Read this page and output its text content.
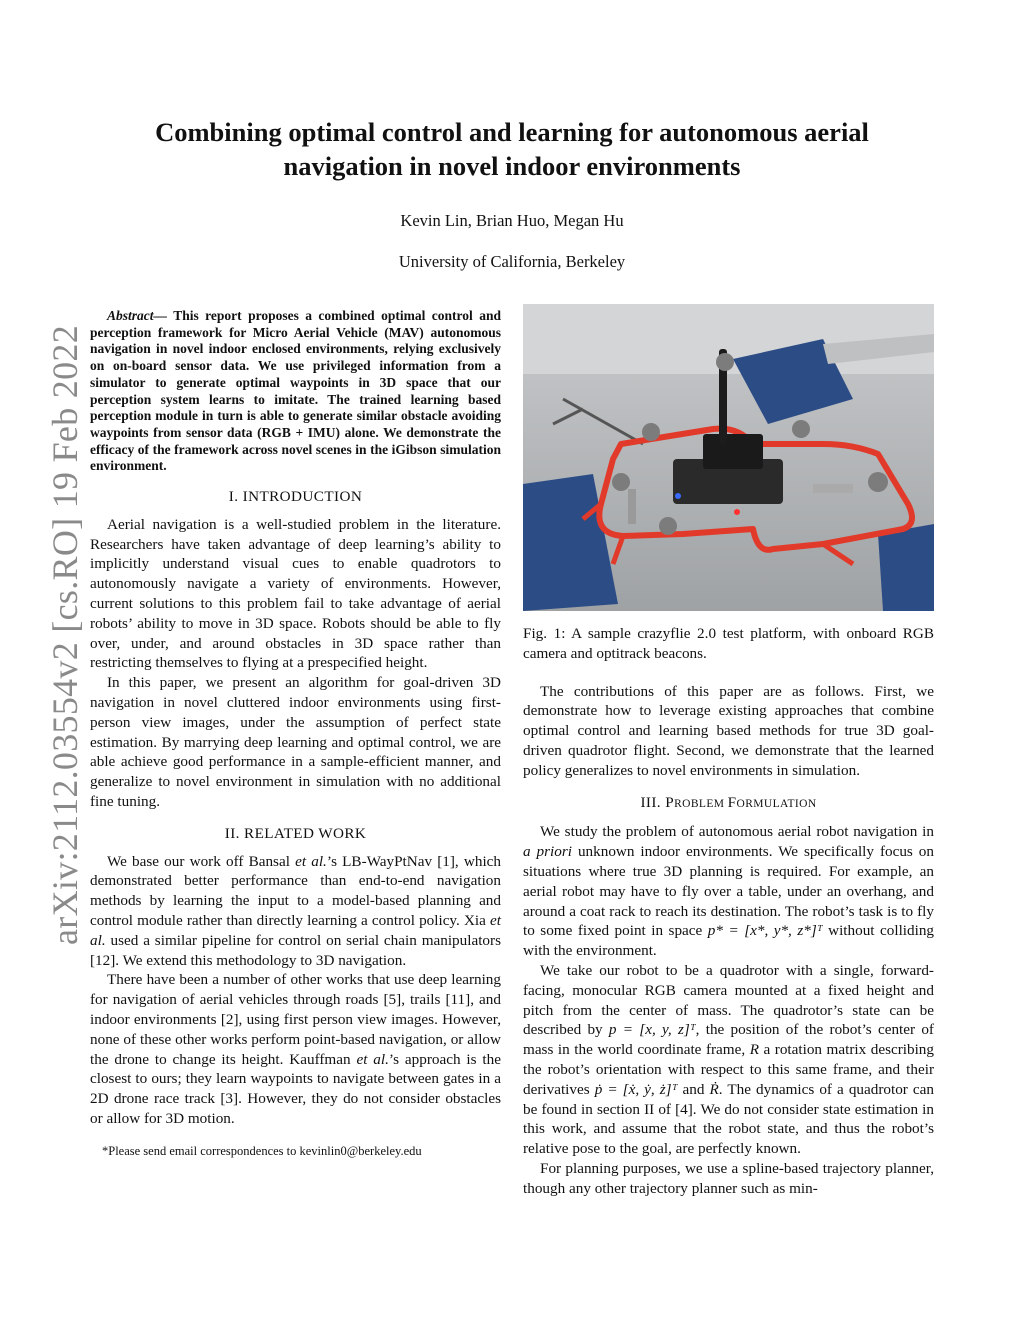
arXiv:2112.03554v2 [cs.RO] 19 Feb 2022
Combining optimal control and learning for autonomous aerial navigation in novel indoor environments
Kevin Lin, Brian Huo, Megan Hu
University of California, Berkeley
Abstract— This report proposes a combined optimal control and perception framework for Micro Aerial Vehicle (MAV) autonomous navigation in novel indoor enclosed environments, relying exclusively on on-board sensor data. We use privileged information from a simulator to generate optimal waypoints in 3D space that our perception system learns to imitate. The trained learning based perception module in turn is able to generate similar obstacle avoiding waypoints from sensor data (RGB + IMU) alone. We demonstrate the efficacy of the framework across novel scenes in the iGibson simulation environment.
I. INTRODUCTION

Aerial navigation is a well-studied problem in the literature. Researchers have taken advantage of deep learning’s ability to implicitly understand visual cues to enable quadrotors to autonomously navigate a variety of environments. However, current solutions to this problem fail to take advantage of aerial robots’ ability to move in 3D space. Robots should be able to fly over, under, and around obstacles in 3D space rather than restricting themselves to flying at a prespecified height.

In this paper, we present an algorithm for goal-driven 3D navigation in novel cluttered indoor environments using first-person view images, under the assumption of perfect state estimation. By marrying deep learning and optimal control, we are able achieve good performance in a sample-efficient manner, and generalize to novel environment in simulation with no additional fine tuning.

II. RELATED WORK

We base our work off Bansal et al.’s LB-WayPtNav [1], which demonstrated better performance than end-to-end navigation methods by learning the input to a model-based planning and control module rather than directly learning a control policy. Xia et al. used a similar pipeline for control on serial chain manipulators [12]. We extend this methodology to 3D navigation.

There have been a number of other works that use deep learning for navigation of aerial vehicles through roads [5], trails [11], and indoor environments [2], using first person view images. However, none of these other works perform point-based navigation, or allow the drone to change its height. Kauffman et al.’s approach is the closest to ours; they learn waypoints to navigate between gates in a 2D drone race track [3]. However, they do not consider obstacles or allow for 3D motion.

*Please send email correspondences to kevinlin0@berkeley.edu

Fig. 1: A sample crazyflie 2.0 test platform, with onboard RGB camera and optitrack beacons.

The contributions of this paper are as follows. First, we demonstrate how to leverage existing approaches that combine optimal control and learning based methods for true 3D goal-driven quadrotor flight. Second, we demonstrate that the learned policy generalizes to novel environments in simulation.

III. PROBLEM FORMULATION

We study the problem of autonomous aerial robot navigation in a priori unknown indoor environments. We specifically focus on situations where true 3D planning is required. For example, an aerial robot may have to fly over a table, under an overhang, and around a coat rack to reach its destination. The robot’s task is to fly to some fixed point in space p* = [x*, y*, z*]ᵀ without colliding with the environment.

We take our robot to be a quadrotor with a single, forward-facing, monocular RGB camera mounted at a fixed height and pitch from the center of mass. The quadrotor’s state can be described by p = [x, y, z]ᵀ, the position of the robot’s center of mass in the world coordinate frame, R a rotation matrix describing the robot’s orientation with respect to this same frame, and their derivatives ṗ = [ẋ, ẏ, ż]ᵀ and Ṙ. The dynamics of a quadrotor can be found in section II of [4]. We do not consider state estimation in this work, and assume that the robot state, and thus the robot’s relative pose to the goal, are perfectly known.

For planning purposes, we use a spline-based trajectory planner, though any other trajectory planner such as min-
